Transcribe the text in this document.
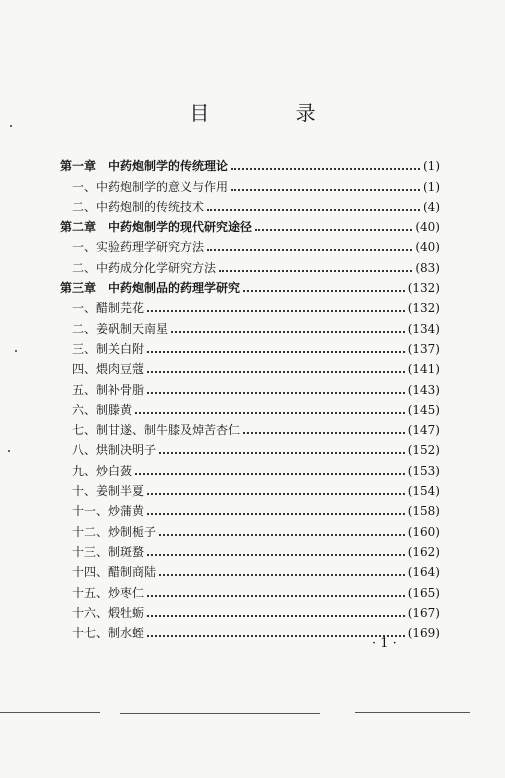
目 录
第一章 中药炮制学的传统理论	(1)
一、中药炮制学的意义与作用	(1)
二、中药炮制的传统技术	(4)
第二章 中药炮制学的现代研究途径	(40)
一、实验药理学研究方法	(40)
二、中药成分化学研究方法	(83)
第三章 中药炮制品的药理学研究	(132)
一、醋制芫花	(132)
二、姜矾制天南星	(134)
三、制关白附	(137)
四、煨肉豆蔻	(141)
五、制补骨脂	(143)
六、制滕黄	(145)
七、制甘遂、制牛膝及焯苦杏仁	(147)
八、烘制决明子	(152)
九、炒白蔹	(153)
十、姜制半夏	(154)
十一、炒蒲黄	(158)
十二、炒制栀子	(160)
十三、制斑蝥	(162)
十四、醋制商陆	(164)
十五、炒枣仁	(165)
十六、煅牡蛎	(167)
十七、制水蛭	(169)
· 1 ·
